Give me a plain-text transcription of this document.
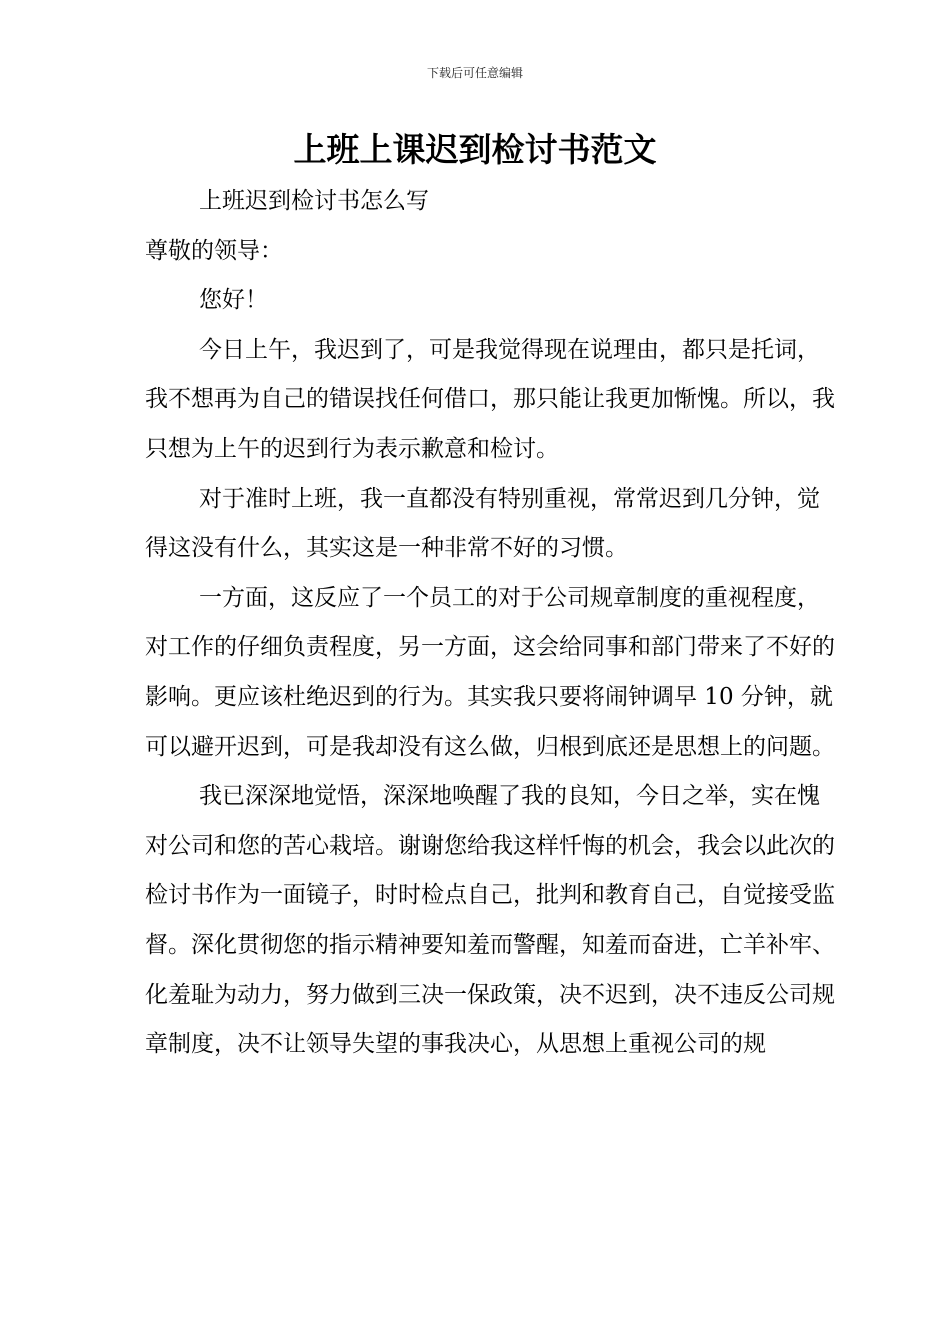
下载后可任意编辑
上班上课迟到检讨书范文

上班迟到检讨书怎么写

尊敬的领导：

您好！

今日上午，我迟到了，可是我觉得现在说理由，都只是托词，我不想再为自己的错误找任何借口，那只能让我更加惭愧。所以，我只想为上午的迟到行为表示歉意和检讨。

对于准时上班，我一直都没有特别重视，常常迟到几分钟，觉得这没有什么，其实这是一种非常不好的习惯。

一方面，这反应了一个员工的对于公司规章制度的重视程度，对工作的仔细负责程度，另一方面，这会给同事和部门带来了不好的影响。更应该杜绝迟到的行为。其实我只要将闹钟调早 10 分钟，就可以避开迟到，可是我却没有这么做，归根到底还是思想上的问题。

我已深深地觉悟，深深地唤醒了我的良知，今日之举，实在愧对公司和您的苦心栽培。谢谢您给我这样忏悔的机会，我会以此次的检讨书作为一面镜子，时时检点自己，批判和教育自己，自觉接受监督。深化贯彻您的指示精神要知羞而警醒，知羞而奋进，亡羊补牢、化羞耻为动力，努力做到三决一保政策，决不迟到，决不违反公司规章制度，决不让领导失望的事我决心，从思想上重视公司的规
